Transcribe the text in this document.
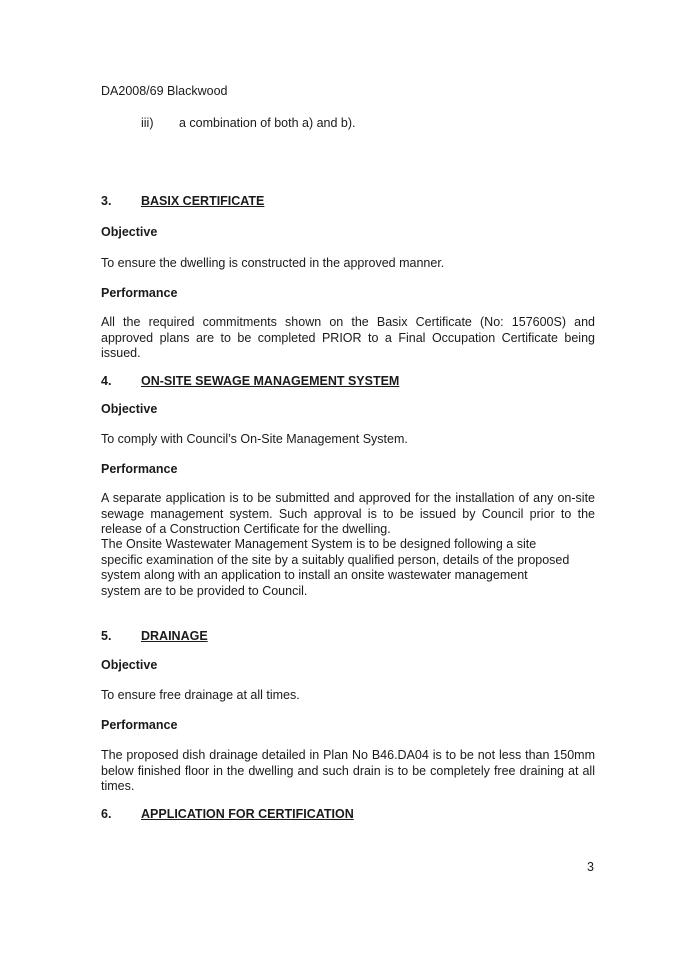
DA2008/69 Blackwood

iii) a combination of both a) and b).

3. BASIX CERTIFICATE

Objective

To ensure the dwelling is constructed in the approved manner.

Performance

All the required commitments shown on the Basix Certificate (No: 157600S) and approved plans are to be completed PRIOR to a Final Occupation Certificate being issued.

4. ON-SITE SEWAGE MANAGEMENT SYSTEM

Objective

To comply with Council’s On-Site Management System.

Performance

A separate application is to be submitted and approved for the installation of any on-site sewage management system. Such approval is to be issued by Council prior to the release of a Construction Certificate for the dwelling.

The Onsite Wastewater Management System is to be designed following a site
specific examination of the site by a suitably qualified person, details of the proposed
system along with an application to install an onsite wastewater management
system are to be provided to Council.
5. DRAINAGE

Objective

To ensure free drainage at all times.

Performance

The proposed dish drainage detailed in Plan No B46.DA04 is to be not less than 150mm below finished floor in the dwelling and such drain is to be completely free draining at all times.

6. APPLICATION FOR CERTIFICATION

3
